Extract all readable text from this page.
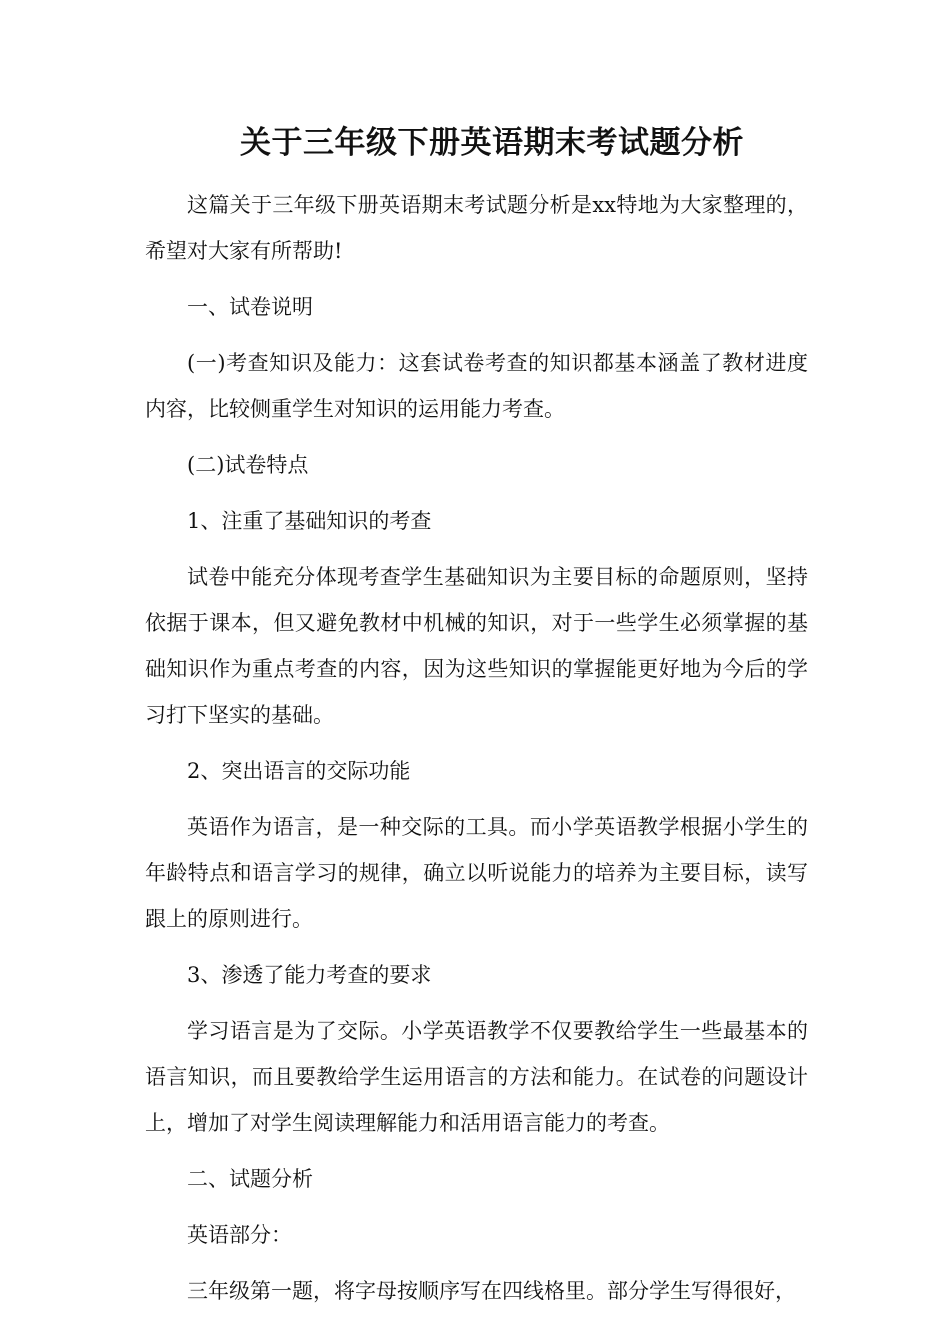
关于三年级下册英语期末考试题分析

这篇关于三年级下册英语期末考试题分析是xx特地为大家整理的，希望对大家有所帮助!

一、试卷说明

(一)考查知识及能力：这套试卷考查的知识都基本涵盖了教材进度内容，比较侧重学生对知识的运用能力考查。

(二)试卷特点

1、注重了基础知识的考查

试卷中能充分体现考查学生基础知识为主要目标的命题原则，坚持依据于课本，但又避免教材中机械的知识，对于一些学生必须掌握的基础知识作为重点考查的内容，因为这些知识的掌握能更好地为今后的学习打下坚实的基础。

2、突出语言的交际功能

英语作为语言，是一种交际的工具。而小学英语教学根据小学生的年龄特点和语言学习的规律，确立以听说能力的培养为主要目标，读写跟上的原则进行。

3、渗透了能力考查的要求

学习语言是为了交际。小学英语教学不仅要教给学生一些最基本的语言知识，而且要教给学生运用语言的方法和能力。在试卷的问题设计上，增加了对学生阅读理解能力和活用语言能力的考查。

二、试题分析

英语部分：

三年级第一题，将字母按顺序写在四线格里。部分学生写得很好，
